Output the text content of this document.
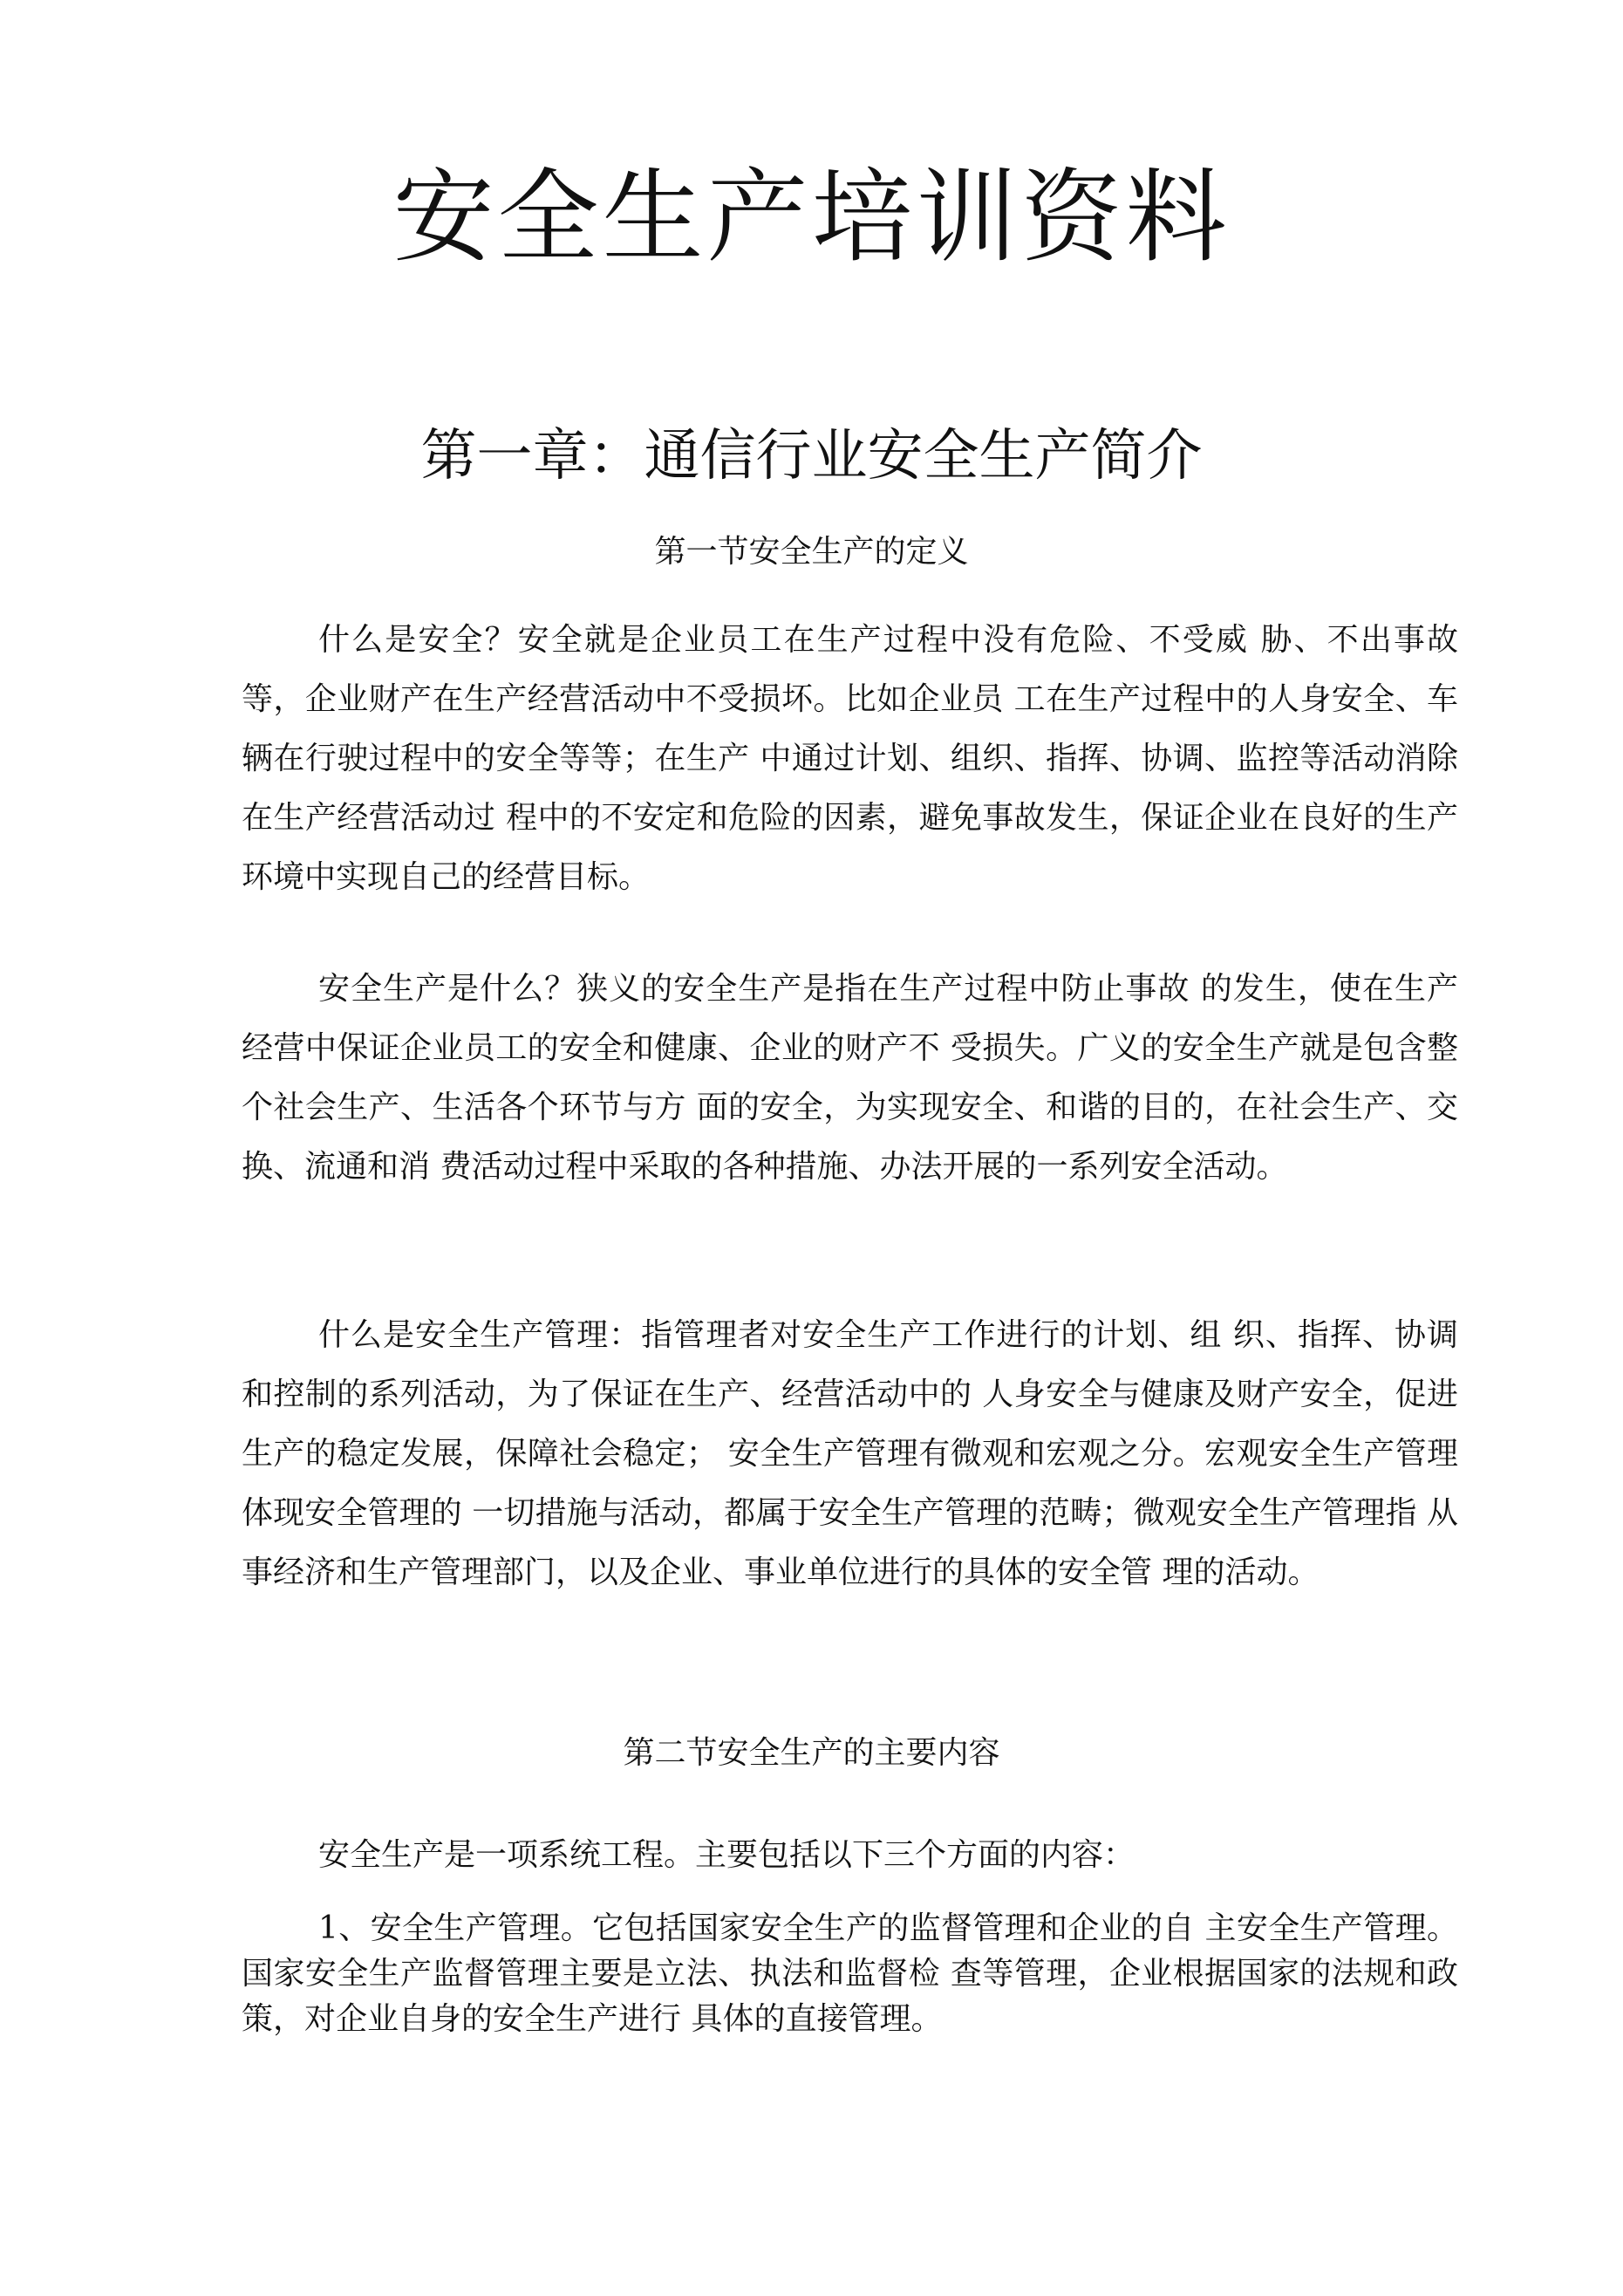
安全生产培训资料
第一章：通信行业安全生产简介
第一节安全生产的定义

什么是安全？安全就是企业员工在生产过程中没有危险、不受威 胁、不出事故等，企业财产在生产经营活动中不受损坏。比如企业员 工在生产过程中的人身安全、车辆在行驶过程中的安全等等；在生产 中通过计划、组织、指挥、协调、监控等活动消除在生产经营活动过 程中的不安定和危险的因素，避免事故发生，保证企业在良好的生产 环境中实现自己的经营目标。

安全生产是什么？狭义的安全生产是指在生产过程中防止事故 的发生，使在生产经营中保证企业员工的安全和健康、企业的财产不 受损失。广义的安全生产就是包含整个社会生产、生活各个环节与方 面的安全，为实现安全、和谐的目的，在社会生产、交换、流通和消 费活动过程中采取的各种措施、办法开展的一系列安全活动。

什么是安全生产管理：指管理者对安全生产工作进行的计划、组 织、指挥、协调和控制的系列活动，为了保证在生产、经营活动中的 人身安全与健康及财产安全，促进生产的稳定发展，保障社会稳定； 安全生产管理有微观和宏观之分。宏观安全生产管理体现安全管理的 一切措施与活动，都属于安全生产管理的范畴；微观安全生产管理指 从事经济和生产管理部门，以及企业、事业单位进行的具体的安全管 理的活动。

第二节安全生产的主要内容

安全生产是一项系统工程。主要包括以下三个方面的内容：

1、安全生产管理。它包括国家安全生产的监督管理和企业的自 主安全生产管理。国家安全生产监督管理主要是立法、执法和监督检 查等管理，企业根据国家的法规和政策，对企业自身的安全生产进行 具体的直接管理。
